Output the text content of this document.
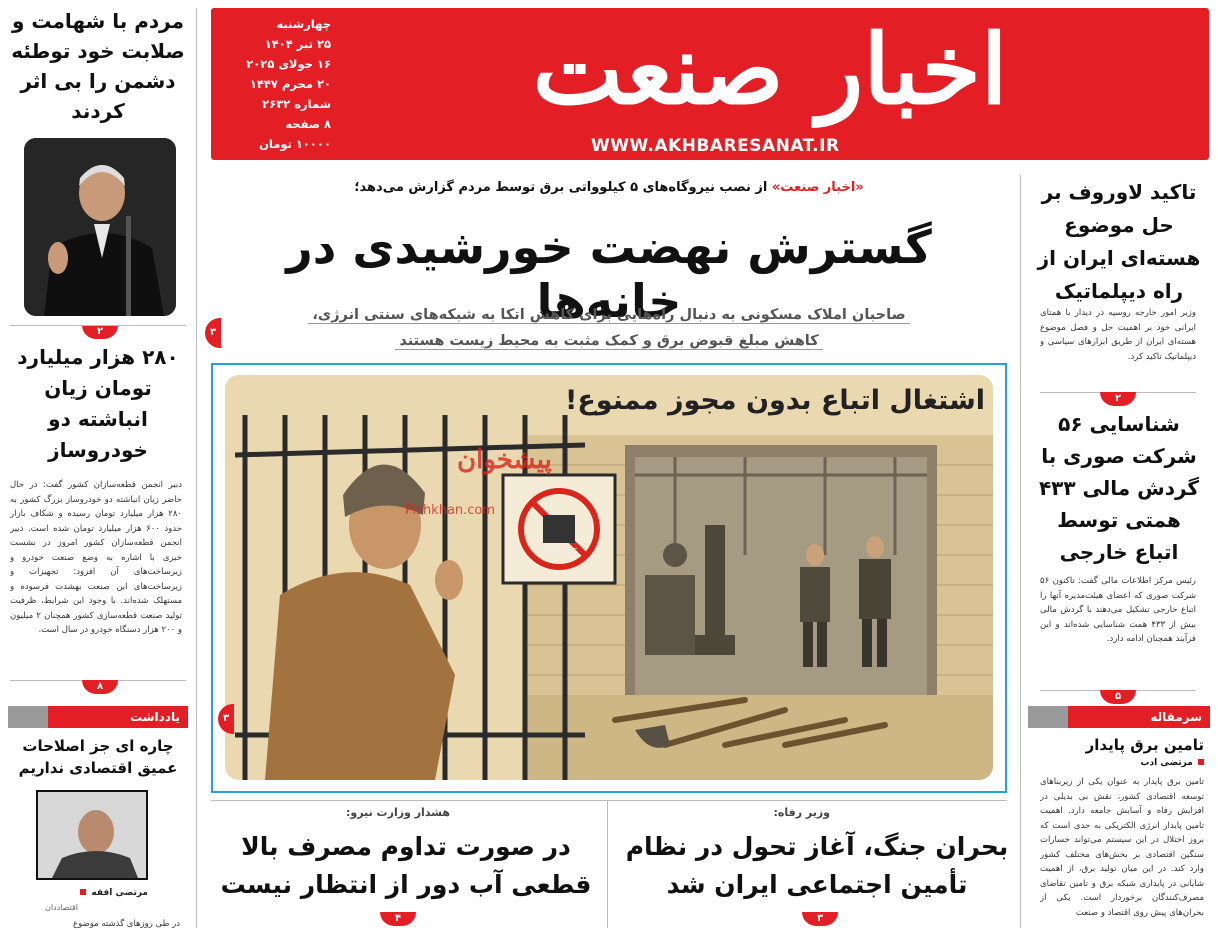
اخبار صنعت
WWW.AKHBARESANAT.IR
چهارشنبه
۲۵ تیر ۱۴۰۴
۱۶ جولای ۲۰۲۵
۲۰ محرم ۱۴۴۷
شماره ۲۶۳۲
۸ صفحه
۱۰۰۰۰ تومان
مردم با شهامت و صلابت خود توطئه دشمن را بی اثر کردند
۲
۲۸۰ هزار میلیارد تومان زیان انباشته دو خودروساز
دبیر انجمن قطعه‌سازان کشور گفت: در حال حاضر زیان انباشته دو خودروساز بزرگ کشور به ۲۸۰ هزار میلیارد تومان رسیده و شکاف بازار حدود ۶۰۰ هزار میلیارد تومان شده است. دبیر انجمن قطعه‌سازان کشور امروز در نشست خبری با اشاره به وضع صنعت خودرو و زیرساخت‌های آن افزود: تجهیزات و زیرساخت‌های این صنعت بهشدت فرسوده و مستهلک شده‌اند. با وجود این شرایط، ظرفیت تولید صنعت قطعه‌سازی کشور همچنان ۲ میلیون و ۲۰۰ هزار دستگاه خودرو در سال است.
۸
یادداشت
چاره ای جز اصلاحات عمیق اقتصادی نداریم
مرتضی افقه
اقتصاددان
در طی روزهای گذشته موضوع
تاکید لاوروف بر حل موضوع هسته‌ای ایران از راه دیپلماتیک
وزیر امور خارجه روسیه در دیدار با همتای ایرانی خود بر اهمیت حل و فصل موضوع هسته‌ای ایران از طریق ابزارهای سیاسی و دیپلماتیک تاکید کرد.
۲
شناسایی ۵۶ شرکت صوری با گردش مالی ۴۳۳ همتی توسط اتباع خارجی
رئیس مرکز اطلاعات مالی گفت: تاکنون ۵۶ شرکت صوری که اعضای هیئت‌مدیره آنها را اتباع خارجی تشکیل می‌دهند با گردش مالی بیش از ۴۳۳ همت شناسایی شده‌اند و این فرآیند همچنان ادامه دارد.
۵
سرمقاله
تامین برق پایدار
مرتضی ادب
تامین برق پایدار به عنوان یکی از زیربناهای توسعه اقتصادی کشور، نقش بی بدیلی در افزایش رفاه و آسایش جامعه دارد. اهمیت تامین پایدار انرژی الکتریکی به حدی است که بروز اختلال در این سیستم می‌تواند خسارات سنگین اقتصادی بر بخش‌های مختلف کشور وارد کند. در این میان تولید برق، از اهمیت شایانی در پایداری شبکه برق و تامین تقاضای مصرف‌کنندگان برخوردار است. یکی از بحران‌های پیش روی اقتصاد و صنعت
«اخبار صنعت» از نصب نیروگاه‌های ۵ کیلوواتی برق توسط مردم گزارش می‌دهد؛
گسترش نهضت خورشیدی در خانه‌ها
صاحبان املاک مسکونی به دنبال راه‌هایی برای کاهش اتکا به شبکه‌های سنتی انرژی،
کاهش مبلغ قبوض برق و کمک مثبت به محیط زیست هستند
۳
اشتغال اتباع بدون مجوز ممنوع!
پیشخوان
Pishkhan.com
PASSPORT
۳
هشدار وزارت نیرو:
در صورت تداوم مصرف بالا قطعی آب دور از انتظار نیست
۴
وزیر رفاه:
بحران جنگ، آغاز تحول در نظام تأمین اجتماعی ایران شد
۳
